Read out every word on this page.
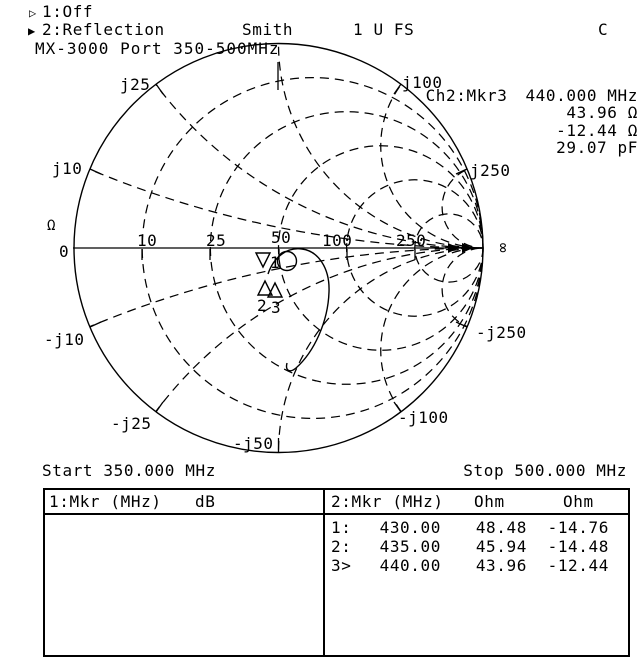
▷ 1:Off
▶ 2:Reflection	Smith	1 U FS	C
MX-3000 Port 350-500MHz
1
2 3
Ω
0
10	25	50 100	250	∞
j10
j25	j100
j250
-j10
-j25
-j50
-j100
-j250
Ch2:Mkr3 440.000 MHz
43.96 Ω
-12.44 Ω
29.07 pF
Start 350.000 MHz	Stop 500.000 MHz
1:Mkr (MHz) dB	2:Mkr (MHz) Ohm	Ohm
1:	430.00	48.48	-14.76
2:	435.00	45.94	-14.48
3>	440.00	43.96	-12.44
